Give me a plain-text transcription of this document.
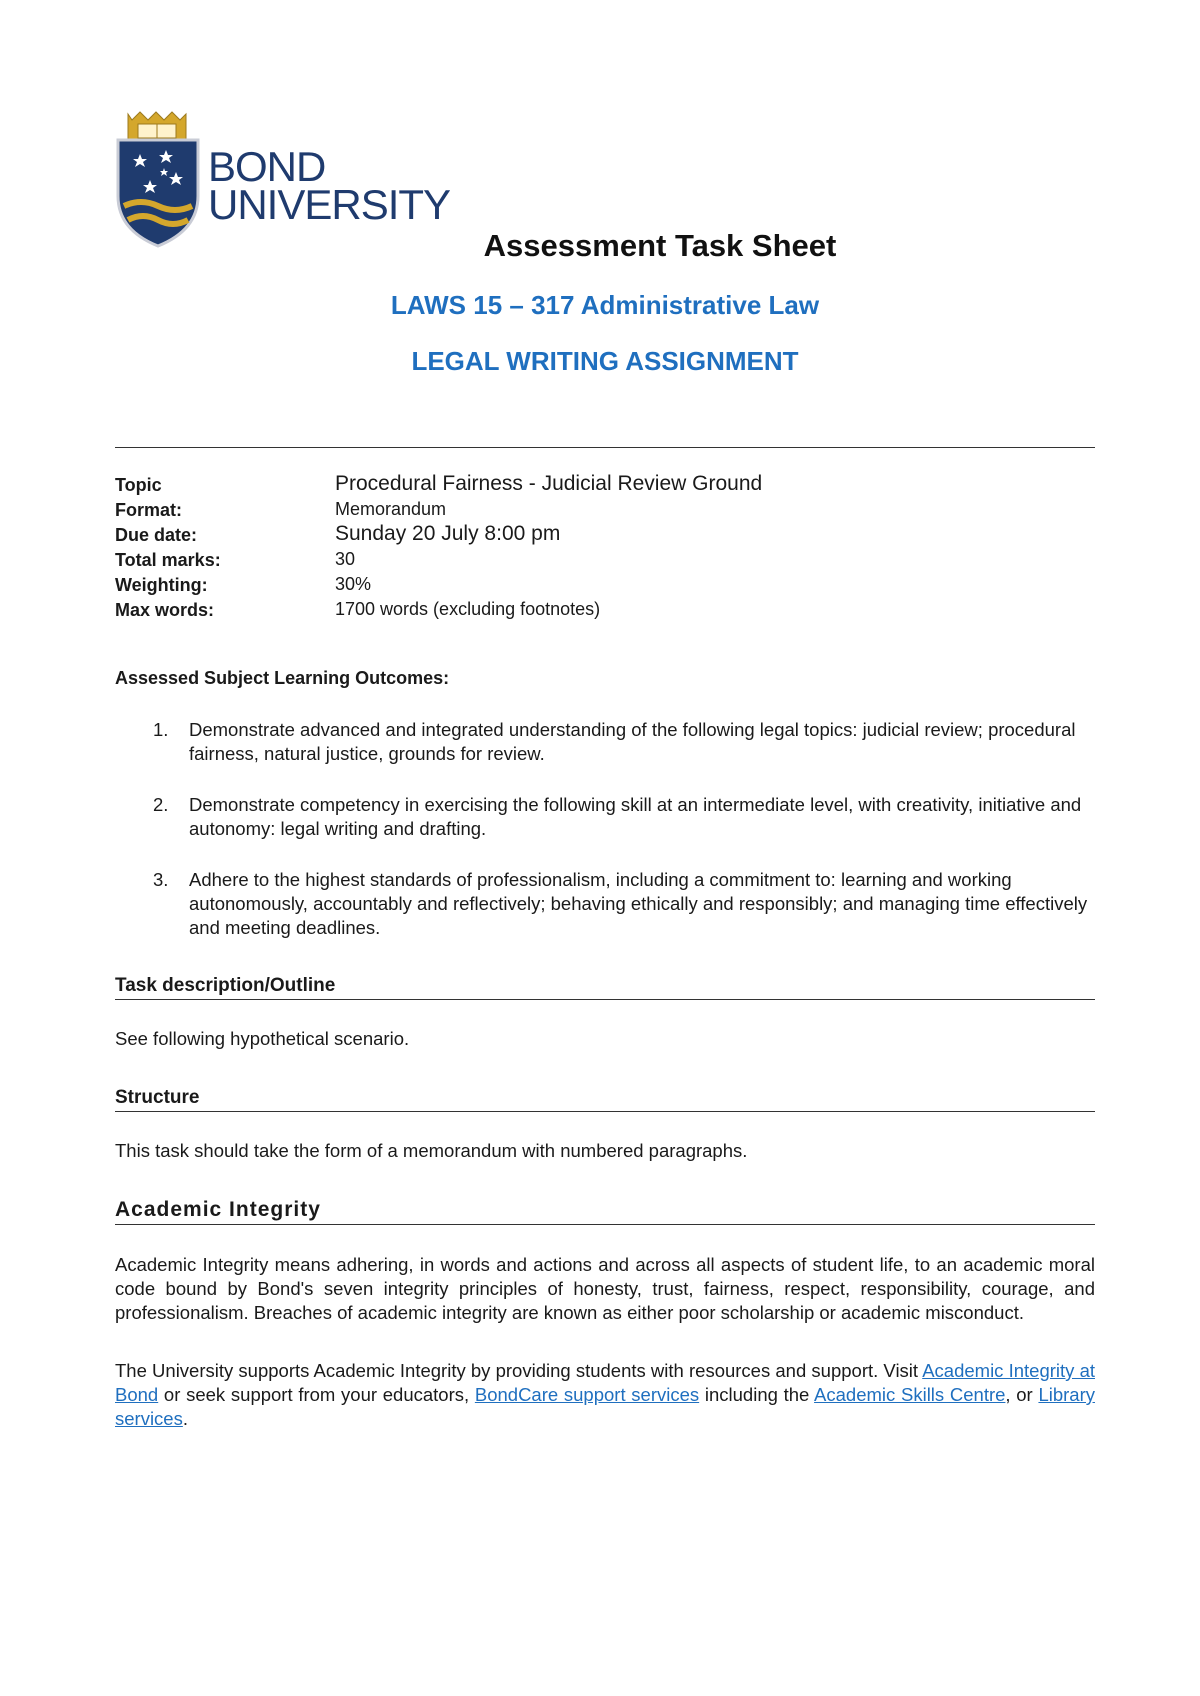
BOND
UNIVERSITY
Assessment Task Sheet
LAWS 15 – 317 Administrative Law
LEGAL WRITING ASSIGNMENT
Topic	Procedural Fairness - Judicial Review Ground
Format:	Memorandum
Due date:	Sunday 20 July 8:00 pm
Total marks:	30
Weighting:	30%
Max words:	1700 words (excluding footnotes)
Assessed Subject Learning Outcomes:
1. Demonstrate advanced and integrated understanding of the following legal topics: judicial review; procedural fairness, natural justice, grounds for review.
2. Demonstrate competency in exercising the following skill at an intermediate level, with creativity, initiative and autonomy: legal writing and drafting.
3. Adhere to the highest standards of professionalism, including a commitment to: learning and working autonomously, accountably and reflectively; behaving ethically and responsibly; and managing time effectively and meeting deadlines.
Task description/Outline
See following hypothetical scenario.
Structure
This task should take the form of a memorandum with numbered paragraphs.
Academic Integrity
Academic Integrity means adhering, in words and actions and across all aspects of student life, to an academic moral code bound by Bond's seven integrity principles of honesty, trust, fairness, respect, responsibility, courage, and professionalism. Breaches of academic integrity are known as either poor scholarship or academic misconduct.
The University supports Academic Integrity by providing students with resources and support. Visit Academic Integrity at Bond or seek support from your educators, BondCare support services including the Academic Skills Centre, or Library services.
